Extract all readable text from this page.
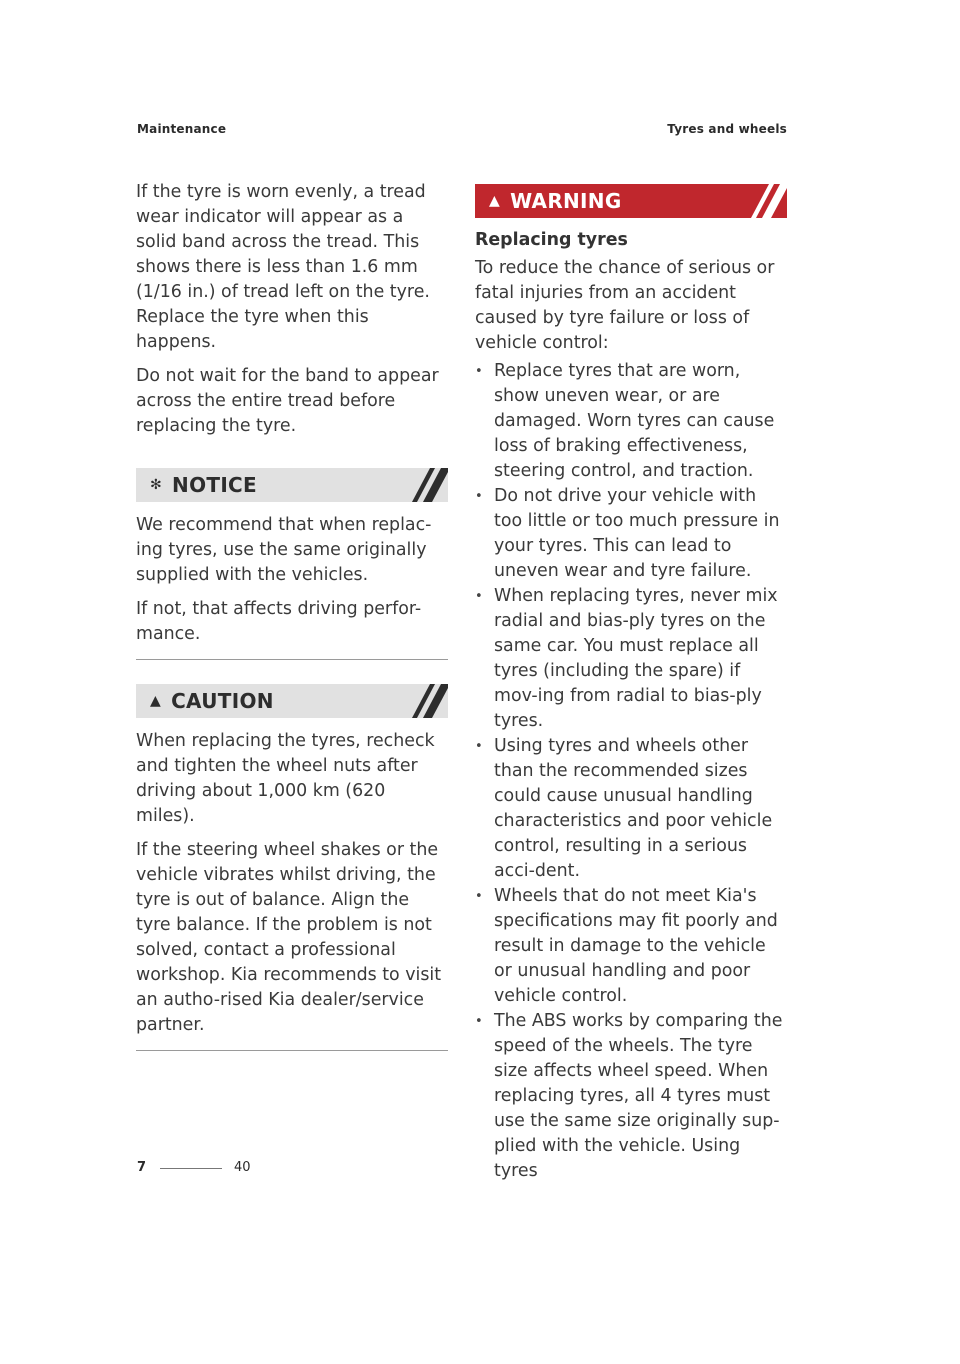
Maintenance	Tyres and wheels

If the tyre is worn evenly, a tread wear indicator will appear as a solid band across the tread. This shows there is less than 1.6 mm (1/16 in.) of tread left on the tyre. Replace the tyre when this happens.

Do not wait for the band to appear across the entire tread before replacing the tyre.

✻ NOTICE

We recommend that when replac-ing tyres, use the same originally supplied with the vehicles.

If not, that affects driving perfor-mance.

▲ CAUTION

When replacing the tyres, recheck and tighten the wheel nuts after driving about 1,000 km (620 miles).

If the steering wheel shakes or the vehicle vibrates whilst driving, the tyre is out of balance. Align the tyre balance. If the problem is not solved, contact a professional workshop. Kia recommends to visit an autho-rised Kia dealer/service partner.

▲ WARNING
Replacing tyres

To reduce the chance of serious or fatal injuries from an accident caused by tyre failure or loss of vehicle control:

• Replace tyres that are worn, show uneven wear, or are damaged. Worn tyres can cause loss of braking effectiveness, steering control, and traction.
• Do not drive your vehicle with too little or too much pressure in your tyres. This can lead to uneven wear and tyre failure.
• When replacing tyres, never mix radial and bias-ply tyres on the same car. You must replace all tyres (including the spare) if mov-ing from radial to bias-ply tyres.
• Using tyres and wheels other than the recommended sizes could cause unusual handling characteristics and poor vehicle control, resulting in a serious acci-dent.
• Wheels that do not meet Kia's specifications may fit poorly and result in damage to the vehicle or unusual handling and poor vehicle control.
• The ABS works by comparing the speed of the wheels. The tyre size affects wheel speed. When replacing tyres, all 4 tyres must use the same size originally sup-plied with the vehicle. Using tyres
7	40
